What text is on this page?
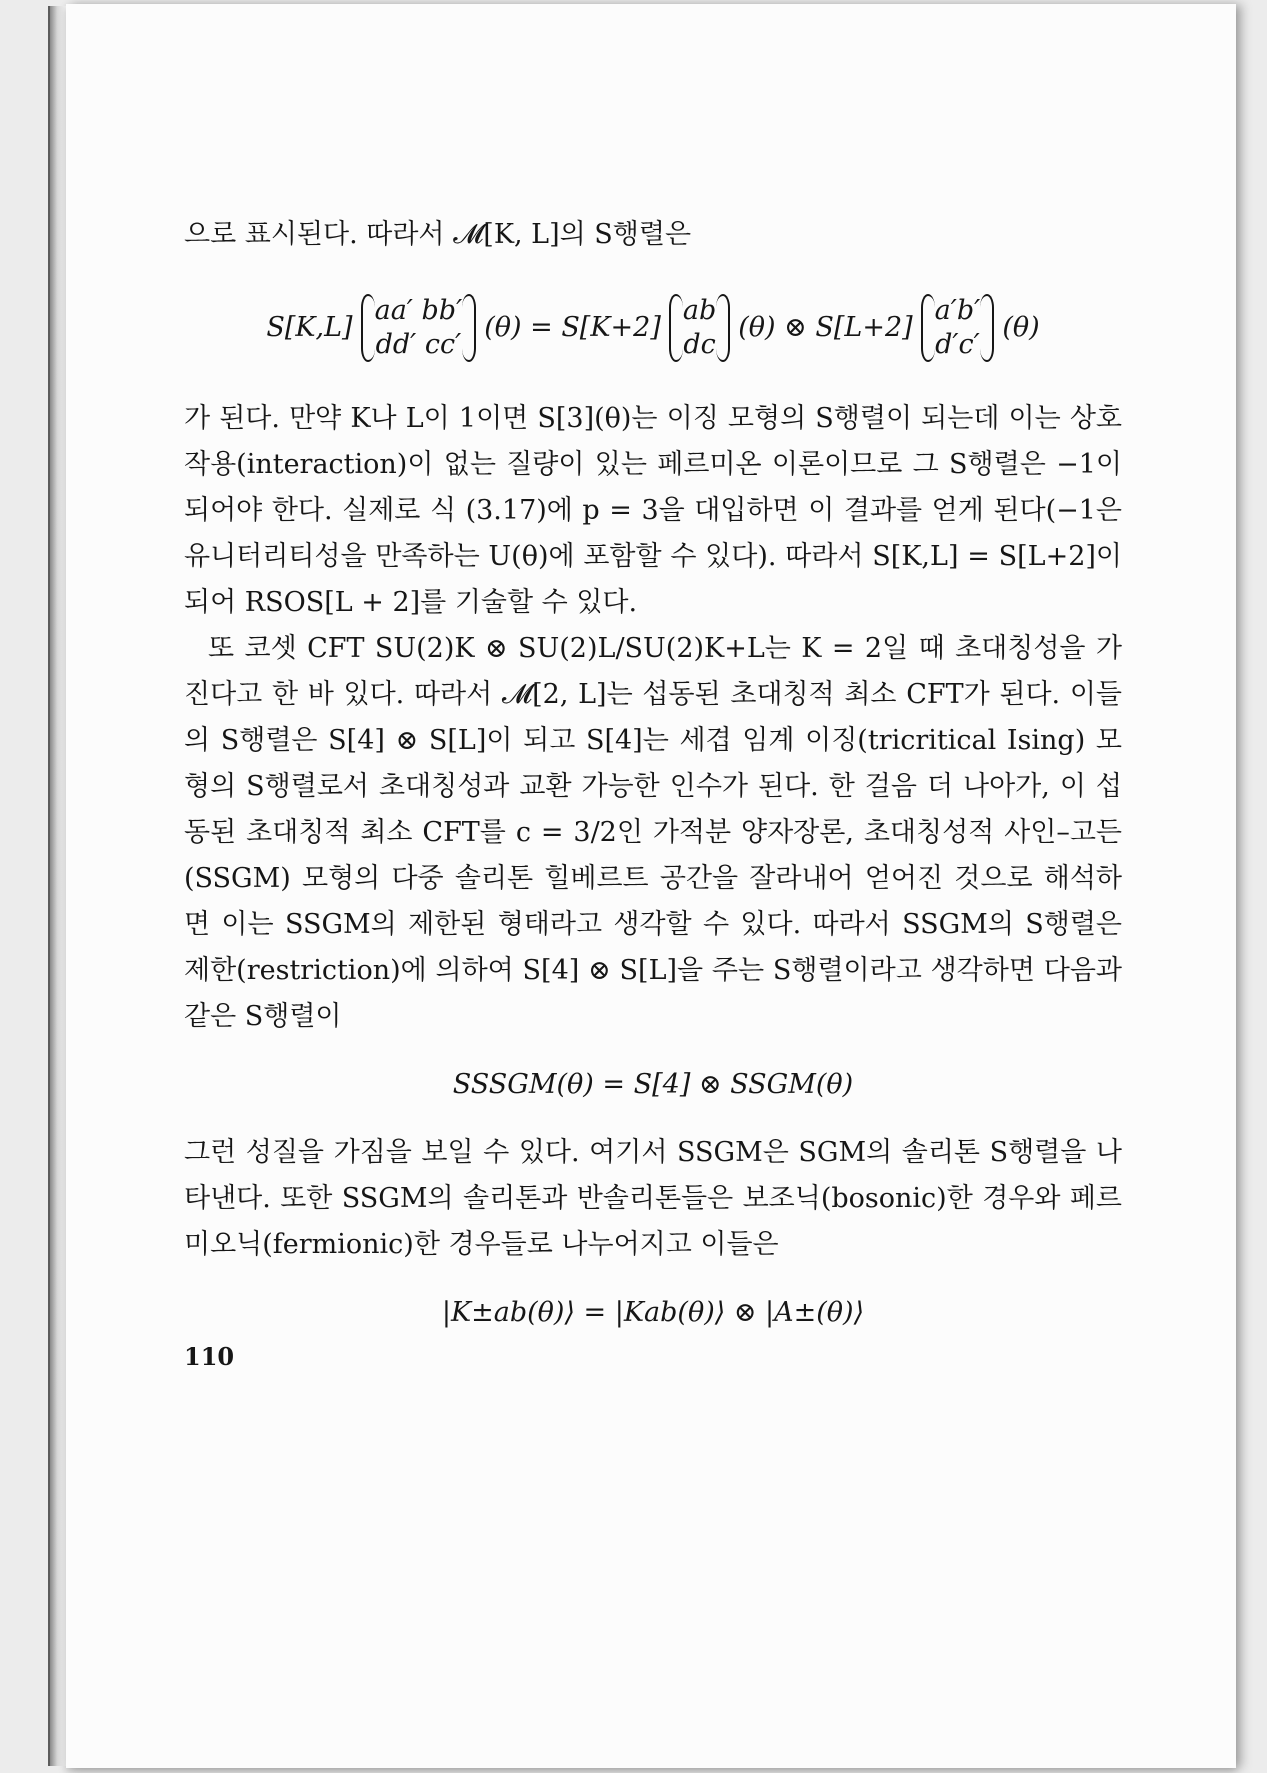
으로 표시된다. 따라서 𝓜[K, L]의 S행렬은

S[K,L]
aa′ bb′
dd′ cc′
(θ) = S[K+2]
ab
dc
(θ) ⊗ S[L+2]
a′b′
d′c′
(θ)

가 된다. 만약 K나 L이 1이면 S[3](θ)는 이징 모형의 S행렬이 되는데 이는 상호작용(interaction)이 없는 질량이 있는 페르미온 이론이므로 그 S행렬은 −1이 되어야 한다. 실제로 식 (3.17)에 p = 3을 대입하면 이 결과를 얻게 된다(−1은 유니터리티성을 만족하는 U(θ)에 포함할 수 있다). 따라서 S[K,L] = S[L+2]이 되어 RSOS[L + 2]를 기술할 수 있다.

또 코셋 CFT SU(2)K ⊗ SU(2)L/SU(2)K+L는 K = 2일 때 초대칭성을 가진다고 한 바 있다. 따라서 𝓜[2, L]는 섭동된 초대칭적 최소 CFT가 된다. 이들의 S행렬은 S[4] ⊗ S[L]이 되고 S[4]는 세겹 임계 이징(tricritical Ising) 모형의 S행렬로서 초대칭성과 교환 가능한 인수가 된다. 한 걸음 더 나아가, 이 섭동된 초대칭적 최소 CFT를 c = 3/2인 가적분 양자장론, 초대칭성적 사인–고든(SSGM) 모형의 다중 솔리톤 힐베르트 공간을 잘라내어 얻어진 것으로 해석하면 이는 SSGM의 제한된 형태라고 생각할 수 있다. 따라서 SSGM의 S행렬은 제한(restriction)에 의하여 S[4] ⊗ S[L]을 주는 S행렬이라고 생각하면 다음과 같은 S행렬이

SSSGM(θ) = S[4] ⊗ SSGM(θ)

그런 성질을 가짐을 보일 수 있다. 여기서 SSGM은 SGM의 솔리톤 S행렬을 나타낸다. 또한 SSGM의 솔리톤과 반솔리톤들은 보조닉(bosonic)한 경우와 페르미오닉(fermionic)한 경우들로 나누어지고 이들은

|K±ab(θ)⟩ = |Kab(θ)⟩ ⊗ |A±(θ)⟩
110
